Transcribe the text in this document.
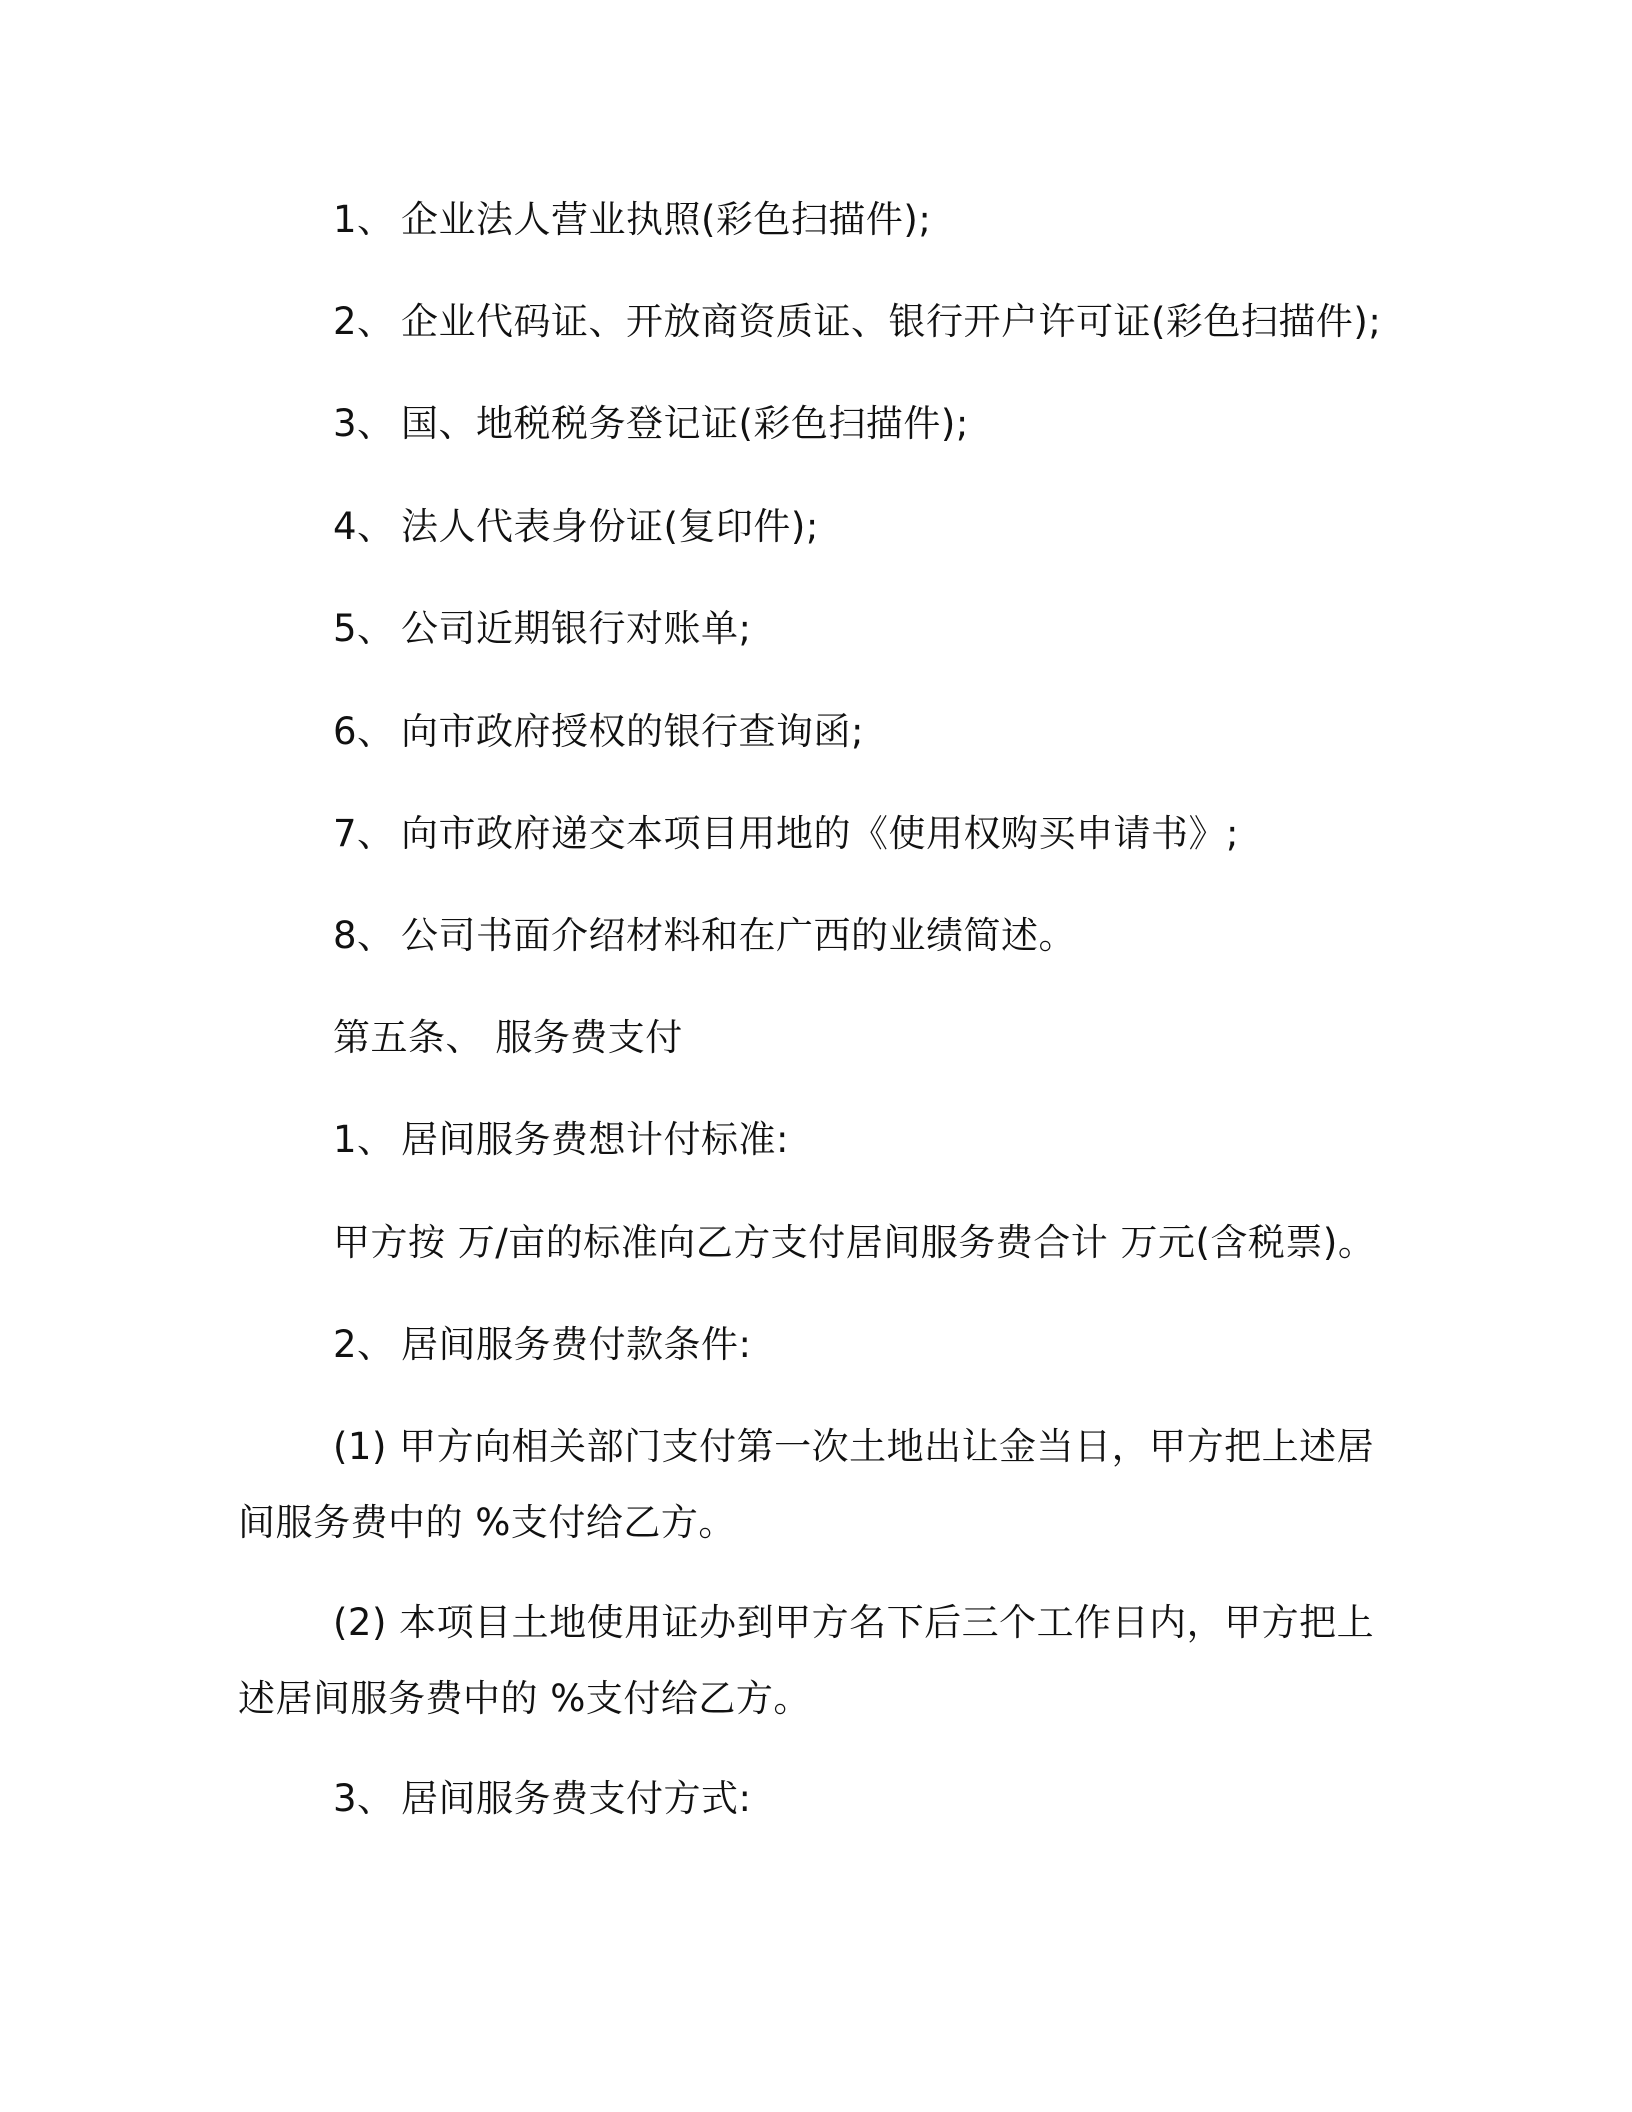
1、 企业法人营业执照(彩色扫描件);
2、 企业代码证、开放商资质证、银行开户许可证(彩色扫描件);
3、 国、地税税务登记证(彩色扫描件);
4、 法人代表身份证(复印件);
5、 公司近期银行对账单;
6、 向市政府授权的银行查询函;
7、 向市政府递交本项目用地的《使用权购买申请书》;
8、 公司书面介绍材料和在广西的业绩简述。
第五条、 服务费支付
1、 居间服务费想计付标准:
甲方按 万/亩的标准向乙方支付居间服务费合计 万元(含税票)。
2、 居间服务费付款条件:
(1) 甲方向相关部门支付第一次土地出让金当日，甲方把上述居
间服务费中的 %支付给乙方。
(2) 本项目土地使用证办到甲方名下后三个工作日内，甲方把上
述居间服务费中的 %支付给乙方。
3、 居间服务费支付方式:
